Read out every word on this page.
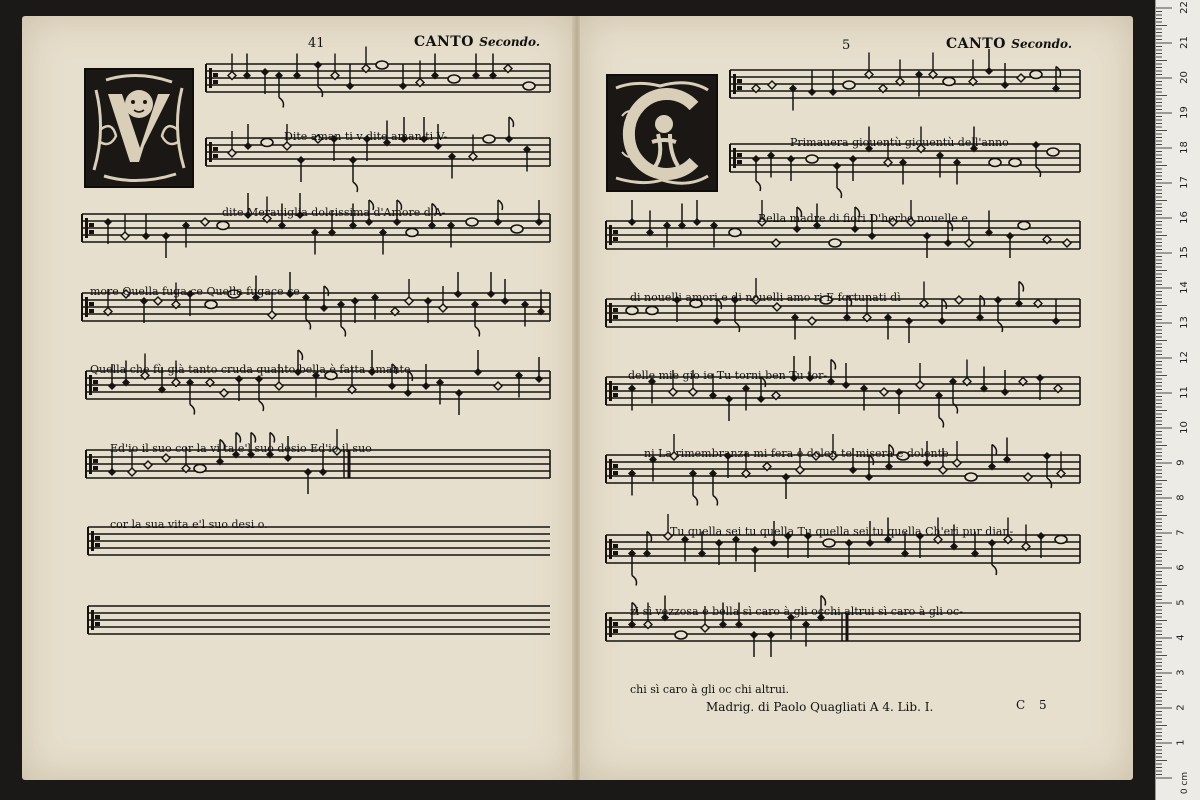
CANTO Secondo.
41
Dite aman ti v dite aman ti V-
dite Merauiglia dolcissima d'Amore d'A-
more Quella fuga ce Quella fugace ce
Quella che fù già tanto cruda quanto bella è fatta amante
Ed'io il suo cor la vi ta e'l suo desio Ed'io il suo
cor la sua vita e'l suo desi o.
CANTO Secondo.
5
Primauera giouentù giouentù dell'anno
Bella madre di fiori D'herbe nouelle e
di nouelli amori e di nouelli amo ri E fortunati dì
delle mie gio ie Tu torni ben Tu tor-
ni La rimembranza mi fera e dolen te misera e dolente
Tu quella sei tu quella Tu quella sei tu quella Ch'eri pur dian-
zi sì vezzosa e bella sì caro à gli occhi altrui sì caro à gli oc-
chi sì caro à gli oc chi altrui.
Madrig. di Paolo Quagliati A 4. Lib. I.	C 5
22
21
20
19
18
17
16
15
14
13
12
11
10
9
8
7
6
5
4
3
2
1
0 cm
